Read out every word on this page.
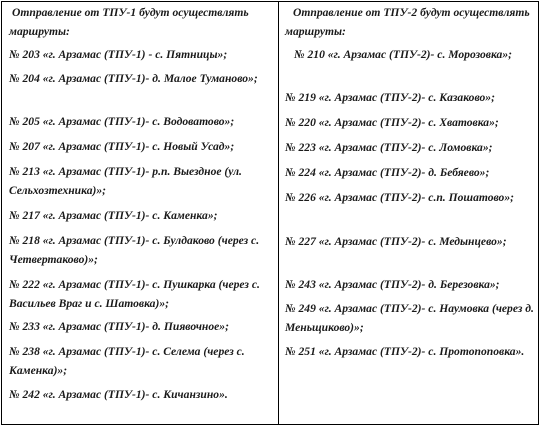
Отправление от ТПУ-1 будут осуществлять маршруты:
№ 203 «г. Арзамас (ТПУ-1) - с. Пятницы»;
№ 204 «г. Арзамас (ТПУ-1)- д. Малое Туманово»;
№ 205 «г. Арзамас (ТПУ-1)- с. Водоватово»;
№ 207 «г. Арзамас (ТПУ-1)- с. Новый Усад»;
№ 213 «г. Арзамас (ТПУ-1)- р.п. Выездное (ул. Сельхозтехника)»;
№ 217 «г. Арзамас (ТПУ-1)- с. Каменка»;
№ 218 «г. Арзамас (ТПУ-1)- с. Булдаково (через с. Четвертаково)»;
№ 222 «г. Арзамас (ТПУ-1)- с. Пушкарка (через с. Васильев Враг и с. Шатовка)»;
№ 233 «г. Арзамас (ТПУ-1)- д. Пиявочное»;
№ 238 «г. Арзамас (ТПУ-1)- с. Селема (через с. Каменка)»;
№ 242 «г. Арзамас (ТПУ-1)- с. Кичанзино».
Отправление от ТПУ-2 будут осуществлять маршруты:
№ 210 «г. Арзамас (ТПУ-2)- с. Морозовка»;
№ 219 «г. Арзамас (ТПУ-2)- с. Казаково»;
№ 220 «г. Арзамас (ТПУ-2)- с. Хватовка»;
№ 223 «г. Арзамас (ТПУ-2)- с. Ломовка»;
№ 224 «г. Арзамас (ТПУ-2)- д. Бебяево»;
№ 226 «г. Арзамас (ТПУ-2)- с.п. Пошатово»;
№ 227 «г. Арзамас (ТПУ-2)- с. Медынцево»;
№ 243 «г. Арзамас (ТПУ-2)- д. Березовка»;
№ 249 «г. Арзамас (ТПУ-2)- с. Наумовка (через д. Меньщиково)»;
№ 251 «г. Арзамас (ТПУ-2)- с. Протопоповка».
